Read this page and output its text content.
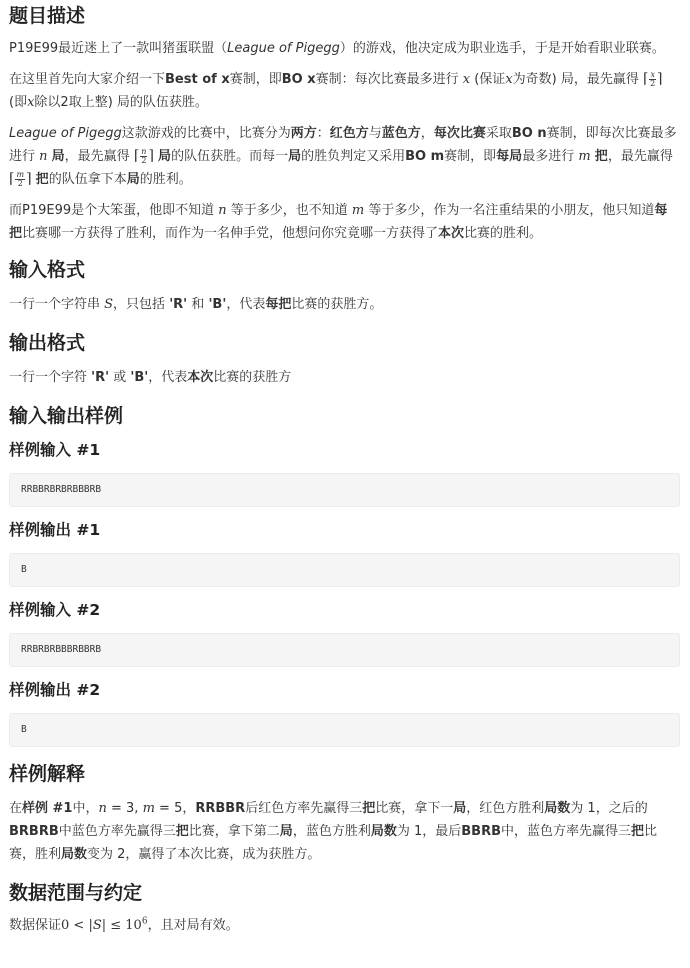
题目描述

P19E99最近迷上了一款叫猪蛋联盟（League of Pigegg）的游戏，他决定成为职业选手，于是开始看职业联赛。

在这里首先向大家介绍一下Best of x赛制，即BO x赛制：每次比赛最多进行 x (保证x为奇数) 局，最先赢得 ⌈ $\frac{x}{2}$ ⌉ (即x除以2取上整) 局的队伍获胜。

League of Pigegg这款游戏的比赛中，比赛分为两方：红色方与蓝色方，每次比赛采取BO n赛制，即每次比赛最多进行 n 局，最先赢得 ⌈ $\frac{n}{2}$ ⌉ 局的队伍获胜。而每一局的胜负判定又采用BO m赛制，即每局最多进行 m 把，最先赢得 ⌈ $\frac{m}{2}$ ⌉ 把的队伍拿下本局的胜利。

而P19E99是个大笨蛋，他即不知道 n 等于多少，也不知道 m 等于多少，作为一名注重结果的小朋友，他只知道每把比赛哪一方获得了胜利，而作为一名伸手党，他想问你究竟哪一方获得了本次比赛的胜利。

输入格式

一行一个字符串 S，只包括 'R' 和 'B'，代表每把比赛的获胜方。

输出格式

一行一个字符 'R' 或 'B'，代表本次比赛的获胜方

输入输出样例
样例输入 #1
RRBBRBRBRBBBRB
样例输出 #1
B
样例输入 #2
RRBRBRBBBRBBRB
样例输出 #2
B
样例解释

在样例 #1中，n = 3, m = 5，RRBBR后红色方率先赢得三把比赛，拿下一局，红色方胜利局数为 1，之后的BRBRB中蓝色方率先赢得三把比赛，拿下第二局，蓝色方胜利局数为 1，最后BBRB中，蓝色方率先赢得三把比赛，胜利局数变为 2，赢得了本次比赛，成为获胜方。

数据范围与约定

数据保证$0 < |S| \le 10^6$，且对局有效。
